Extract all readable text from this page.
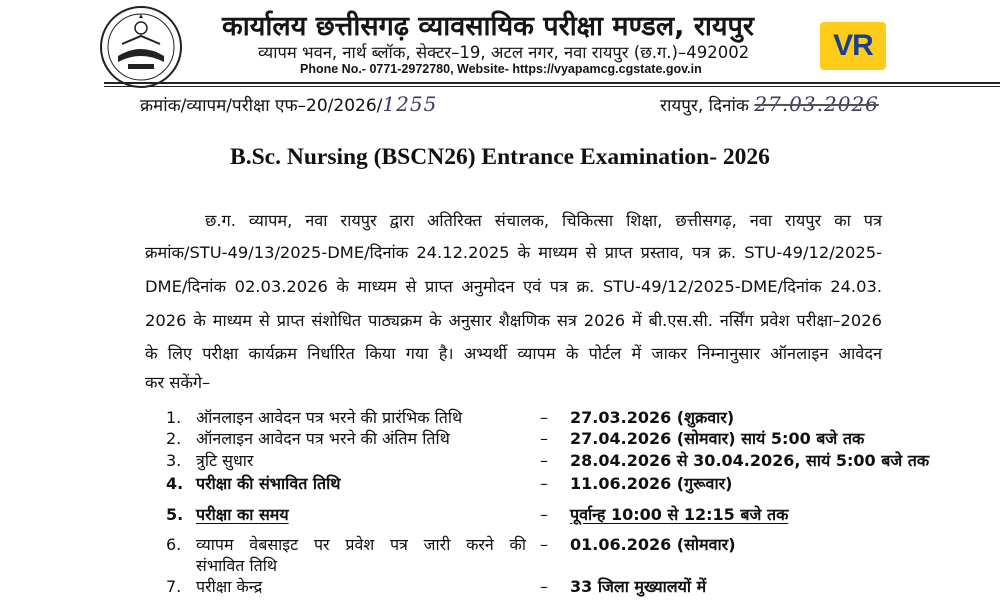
कार्यालय छत्तीसगढ़ व्यावसायिक परीक्षा मण्डल, रायपुर
व्यापम भवन, नार्थ ब्लॉक, सेक्टर–19, अटल नगर, नवा रायपुर (छ.ग.)–492002
Phone No.- 0771-2972780, Website- https://vyapamcg.cgstate.gov.in
VR
क्रमांक/व्यापम/परीक्षा एफ–20/2026/1255	रायपुर, दिनांक 27.03.2026
B.Sc. Nursing (BSCN26) Entrance Examination- 2026
छ.ग. व्यापम, नवा रायपुर द्वारा अतिरिक्त संचालक, चिकित्सा शिक्षा, छत्तीसगढ़, नवा रायपुर का पत्र
क्रमांक/STU-49/13/2025-DME/दिनांक 24.12.2025 के माध्यम से प्राप्त प्रस्ताव, पत्र क्र. STU-49/12/2025-
DME/दिनांक 02.03.2026 के माध्यम से प्राप्त अनुमोदन एवं पत्र क्र. STU-49/12/2025-DME/दिनांक 24.03.
2026 के माध्यम से प्राप्त संशोधित पाठ्यक्रम के अनुसार शैक्षणिक सत्र 2026 में बी.एस.सी. नर्सिंग प्रवेश परीक्षा–2026
के लिए परीक्षा कार्यक्रम निर्धारित किया गया है। अभ्यर्थी व्यापम के पोर्टल में जाकर निम्नानुसार ऑनलाइन आवेदन
कर सकेंगे–
1. ऑनलाइन आवेदन पत्र भरने की प्रारंभिक तिथि	– 27.03.2026 (शुक्रवार)
2. ऑनलाइन आवेदन पत्र भरने की अंतिम तिथि	– 27.04.2026 (सोमवार) सायं 5:00 बजे तक
3. त्रुटि सुधार	– 28.04.2026 से 30.04.2026, सायं 5:00 बजे तक
4. परीक्षा की संभावित तिथि	– 11.06.2026 (गुरूवार)
5. परीक्षा का समय	– पूर्वान्ह 10:00 से 12:15 बजे तक
6. व्यापम वेबसाइट पर प्रवेश पत्र जारी करने की
संभावित तिथि
– 01.06.2026 (सोमवार)
7. परीक्षा केन्द्र	– 33 जिला मुख्यालयों में
